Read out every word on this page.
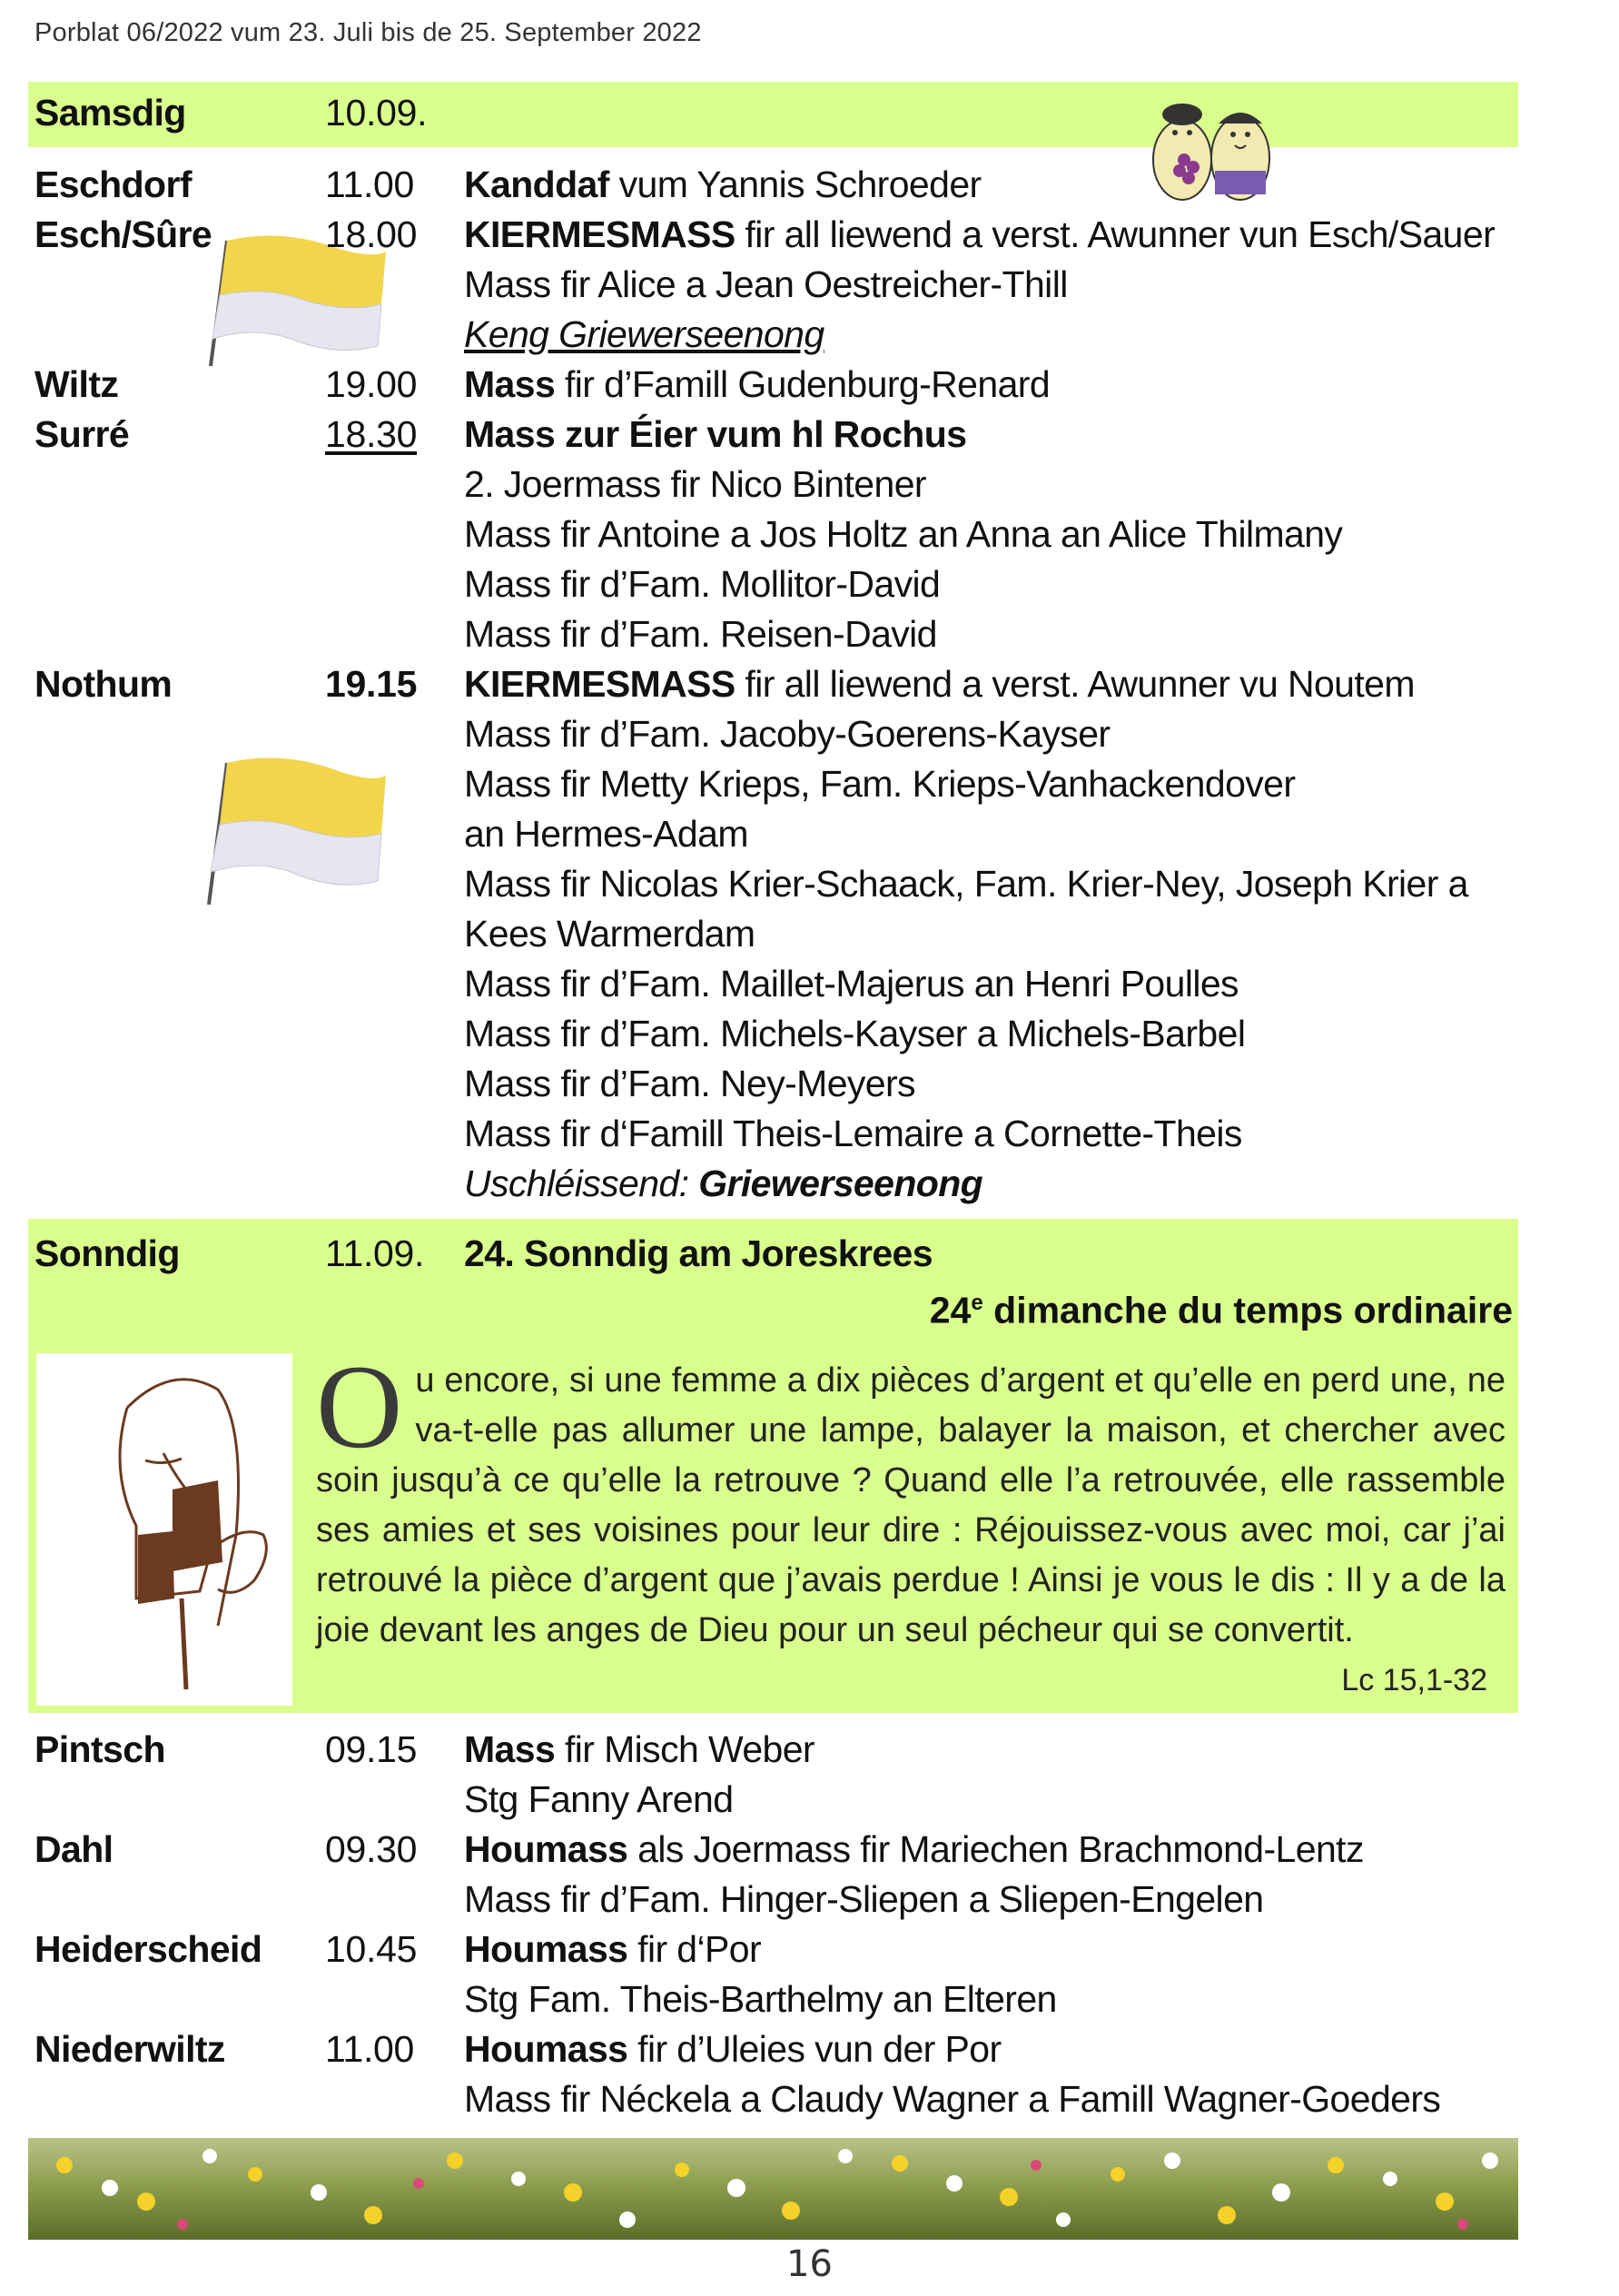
Porblat 06/2022 vum 23. Juli bis de 25. September 2022
Samsdig	10.09.
Eschdorf	11.00 Kanddaf vum Yannis Schroeder
Esch/Sûre	18.00 KIERMESMASS fir all liewend a verst. Awunner vun Esch/Sauer
Mass fir Alice a Jean Oestreicher-Thill
Keng Griewerseenong
Wiltz	19.00 Mass fir d’Famill Gudenburg-Renard
Surré	18.30 Mass zur Éier vum hl Rochus
2. Joermass fir Nico Bintener
Mass fir Antoine a Jos Holtz an Anna an Alice Thilmany
Mass fir d’Fam. Mollitor-David
Mass fir d’Fam. Reisen-David
Nothum	19.15 KIERMESMASS fir all liewend a verst. Awunner vu Noutem
Mass fir d’Fam. Jacoby-Goerens-Kayser
Mass fir Metty Krieps, Fam. Krieps-Vanhackendover
an Hermes-Adam
Mass fir Nicolas Krier-Schaack, Fam. Krier-Ney, Joseph Krier a
Kees Warmerdam
Mass fir d’Fam. Maillet-Majerus an Henri Poulles
Mass fir d’Fam. Michels-Kayser a Michels-Barbel
Mass fir d’Fam. Ney-Meyers
Mass fir d‘Famill Theis-Lemaire a Cornette-Theis
Uschléissend: Griewerseenong
Sonndig	11.09. 24. Sonndig am Joreskrees
24e dimanche du temps ordinaire
Ou encore, si une femme a dix pièces d’argent et qu’elle en perd une, ne va-t-elle pas allumer une lampe, balayer la maison, et chercher avec soin jusqu’à ce qu’elle la retrouve ? Quand elle l’a retrouvée, elle rassemble ses amies et ses voisines pour leur dire : Réjouissez-vous avec moi, car j’ai retrouvé la pièce d’argent que j’avais perdue ! Ainsi je vous le dis : Il y a de la joie devant les anges de Dieu pour un seul pécheur qui se convertit.
Lc 15,1-32
Pintsch	09.15 Mass fir Misch Weber
Stg Fanny Arend
Dahl	09.30 Houmass als Joermass fir Mariechen Brachmond-Lentz
Mass fir d’Fam. Hinger-Sliepen a Sliepen-Engelen
Heiderscheid 10.45 Houmass fir d‘Por
Stg Fam. Theis-Barthelmy an Elteren
Niederwiltz	11.00 Houmass fir d’Uleies vun der Por
Mass fir Néckela a Claudy Wagner a Famill Wagner-Goeders
16
